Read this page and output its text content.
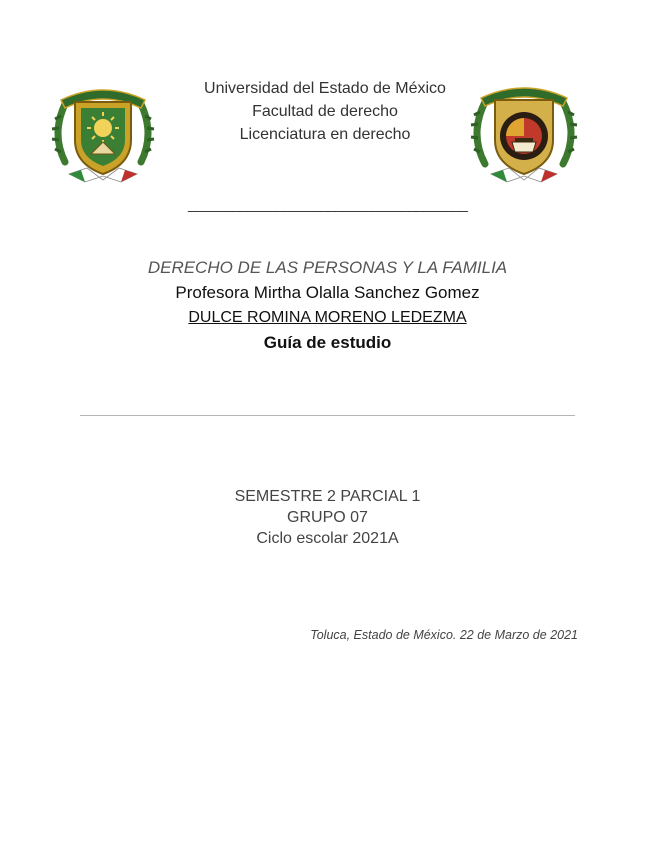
Universidad del Estado de México
Facultad de derecho
Licenciatura en derecho
______________________________________
DERECHO DE LAS PERSONAS Y LA FAMILIA
Profesora Mirtha Olalla Sanchez Gomez
DULCE ROMINA MORENO LEDEZMA
Guía de estudio
SEMESTRE 2 PARCIAL 1
GRUPO 07
Ciclo escolar 2021A
Toluca, Estado de México. 22 de Marzo de 2021
